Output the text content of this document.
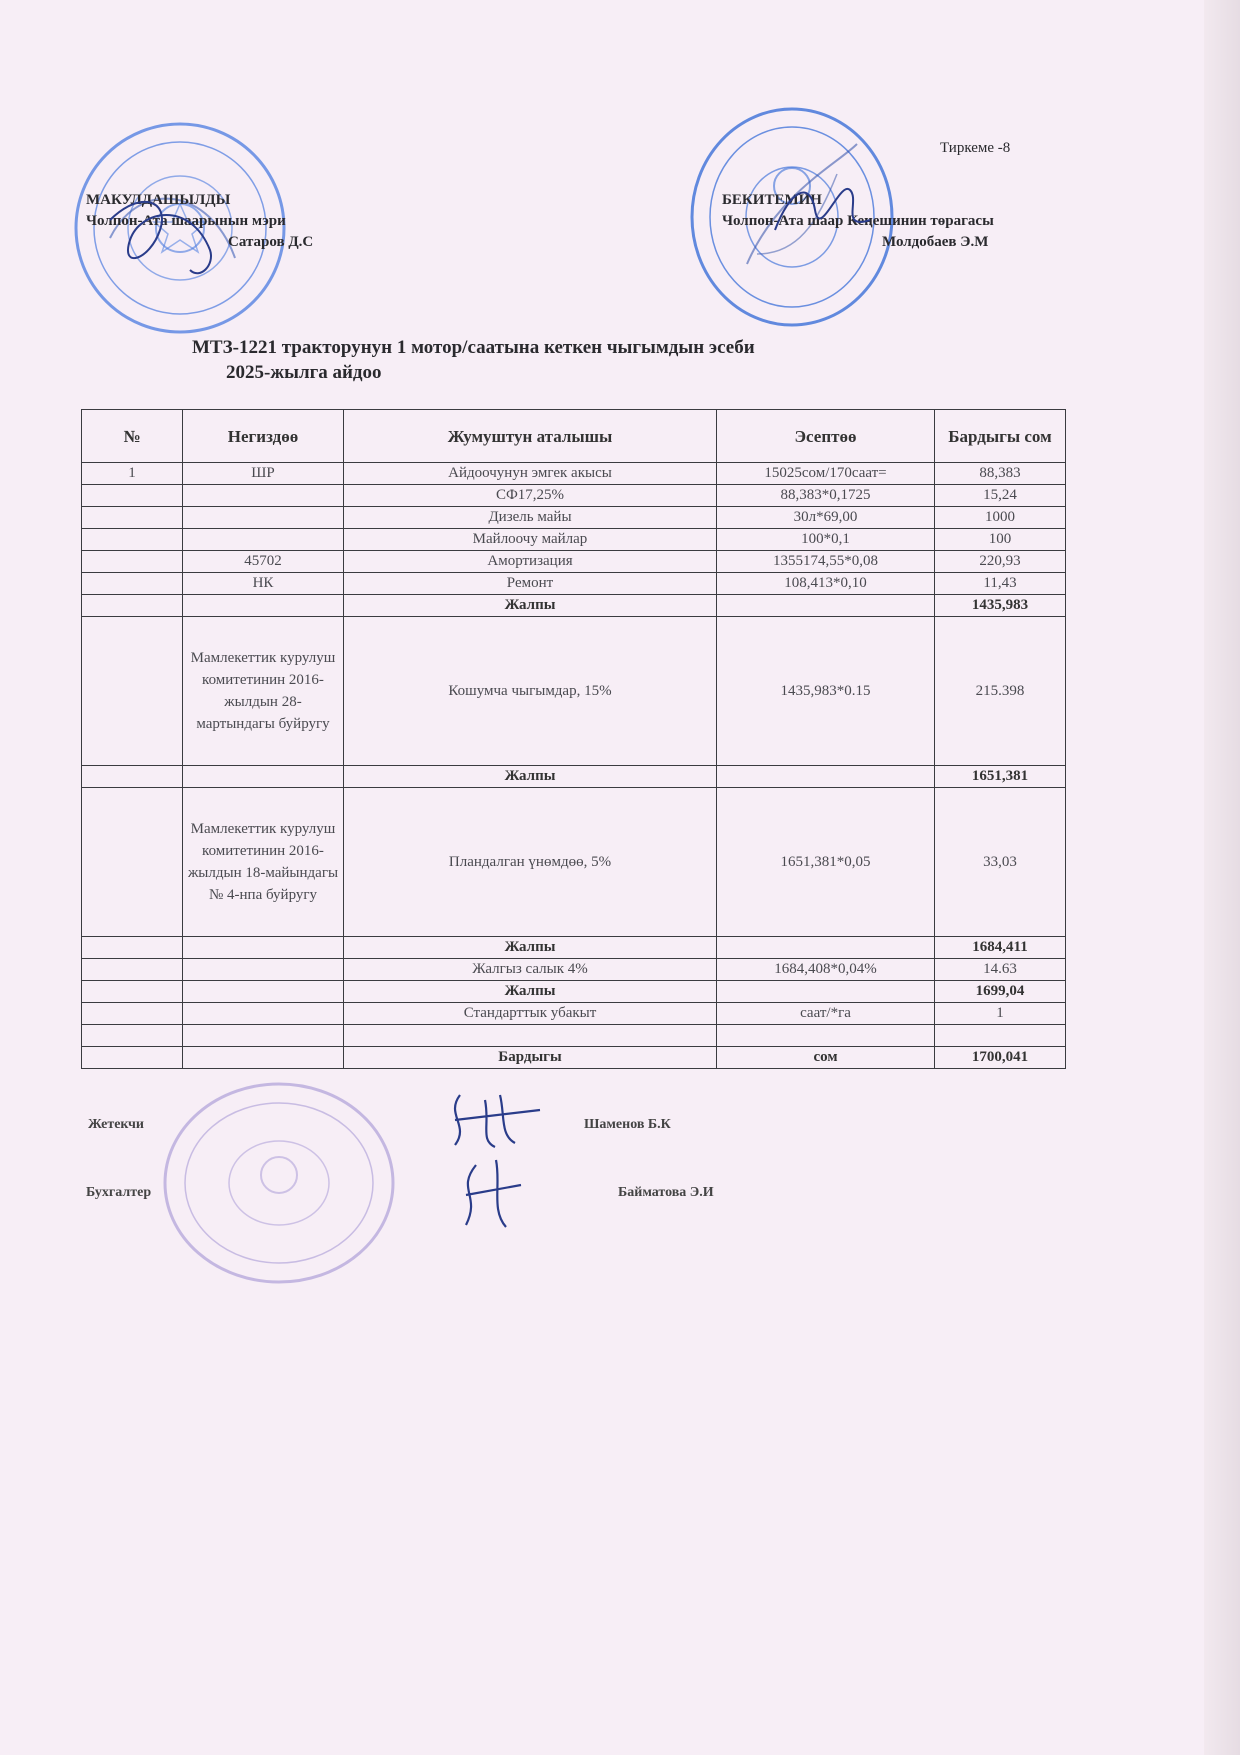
Тиркеме -8
МАКУЛДАШЫЛДЫ
Чолпон-Ата шаарынын мэри
Сатаров Д.С
БЕКИТЕМИН
Чолпон-Ата шаар Кеңешинин төрагасы
Молдобаев Э.М
МТЗ-1221 тракторунун 1 мотор/саатына кеткен чыгымдын эсеби
2025-жылга айдоо
№	Негиздөө	Жумуштун аталышы	Эсептөө	Бардыгы сом
1	ШР	Айдоочунун эмгек акысы	15025сом/170саат=	88,383
		СФ17,25%	88,383*0,1725	15,24
		Дизель майы	30л*69,00	1000
		Майлоочу майлар	100*0,1	100
	45702	Амортизация	1355174,55*0,08	220,93
	НК	Ремонт	108,413*0,10	11,43
		Жалпы		1435,983
	Мамлекеттик курулуш комитетинин 2016-жылдын 28-мартындагы буйругу	Кошумча чыгымдар, 15%	1435,983*0.15	215.398
		Жалпы		1651,381
	Мамлекеттик курулуш комитетинин 2016-жылдын 18-майындагы № 4-нпа буйругу	Пландалган үнөмдөө, 5%	1651,381*0,05	33,03
		Жалпы		1684,411
		Жалгыз салык 4%	1684,408*0,04%	14.63
		Жалпы		1699,04
		Стандарттык убакыт	саат/*га	1

		Бардыгы	сом	1700,041
Жетекчи	Шаменов Б.К
Бухгалтер	Байматова Э.И
